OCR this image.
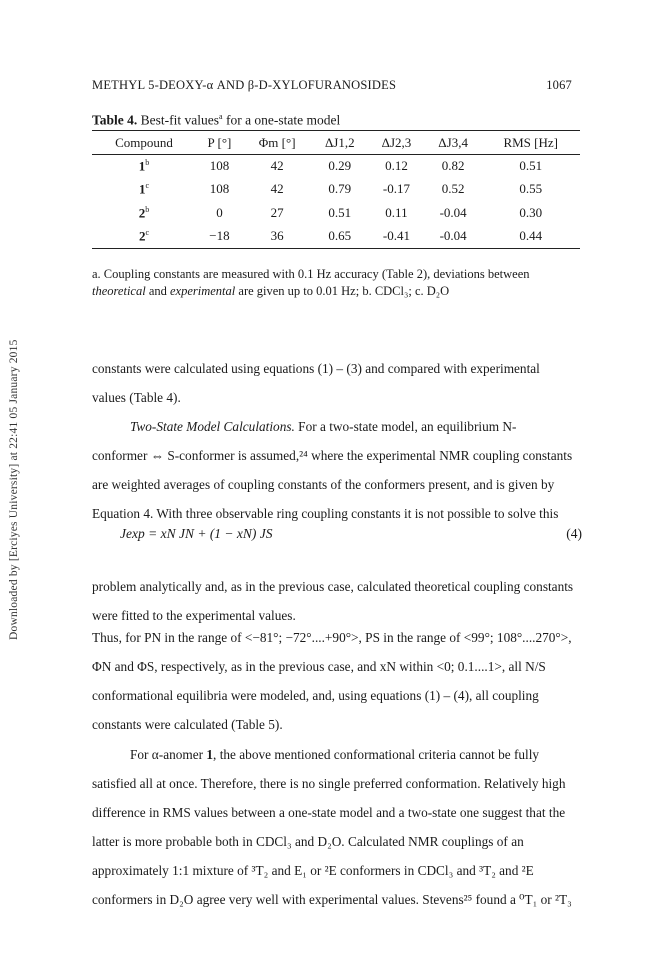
Downloaded by [Erciyes University] at 22:41 05 January 2015
METHYL 5-DEOXY-α AND β-D-XYLOFURANOSIDES	1067
Table 4. Best-fit values$^a$ for a one-state model
Compound	P [°]	Φm [°]	ΔJ1,2	ΔJ2,3	ΔJ3,4	RMS [Hz]
1$^b$	108	42	0.29	0.12	0.82	0.51
1$^c$	108	42	0.79	-0.17	0.52	0.55
2$^b$	0	27	0.51	0.11	-0.04	0.30
$2^c$	−18	36	0.65	-0.41	-0.04	0.44
a. Coupling constants are measured with 0.1 Hz accuracy (Table 2), deviations between
theoretical and experimental are given up to 0.01 Hz; b. CDCl₃; c. D₂O
constants were calculated using equations (1) – (3) and compared with experimental
values (Table 4).
Two-State Model Calculations. For a two-state model, an equilibrium N-
conformer ⇔ S-conformer is assumed,²⁴ where the experimental NMR coupling constants
are weighted averages of coupling constants of the conformers present, and is given by
Equation 4. With three observable ring coupling constants it is not possible to solve this
Jexp = xN JN + (1 − xN) JS	(4)
problem analytically and, as in the previous case, calculated theoretical coupling constants
were fitted to the experimental values.
Thus, for PN in the range of <−81°; −72°....+90°>, PS in the range of <99°; 108°....270°>,
ΦN and ΦS, respectively, as in the previous case, and xN within <0; 0.1....1>, all N/S
conformational equilibria were modeled, and, using equations (1) – (4), all coupling
constants were calculated (Table 5).
For α-anomer 1, the above mentioned conformational criteria cannot be fully
satisfied all at once. Therefore, there is no single preferred conformation. Relatively high
difference in RMS values between a one-state model and a two-state one suggest that the
latter is more probable both in CDCl₃ and D₂O. Calculated NMR couplings of an
approximately 1:1 mixture of ³T₂ and E₁ or ²E conformers in CDCl₃ and ³T₂ and ²E
conformers in D₂O agree very well with experimental values. Stevens²⁵ found a ⁰T₁ or ²T₃
